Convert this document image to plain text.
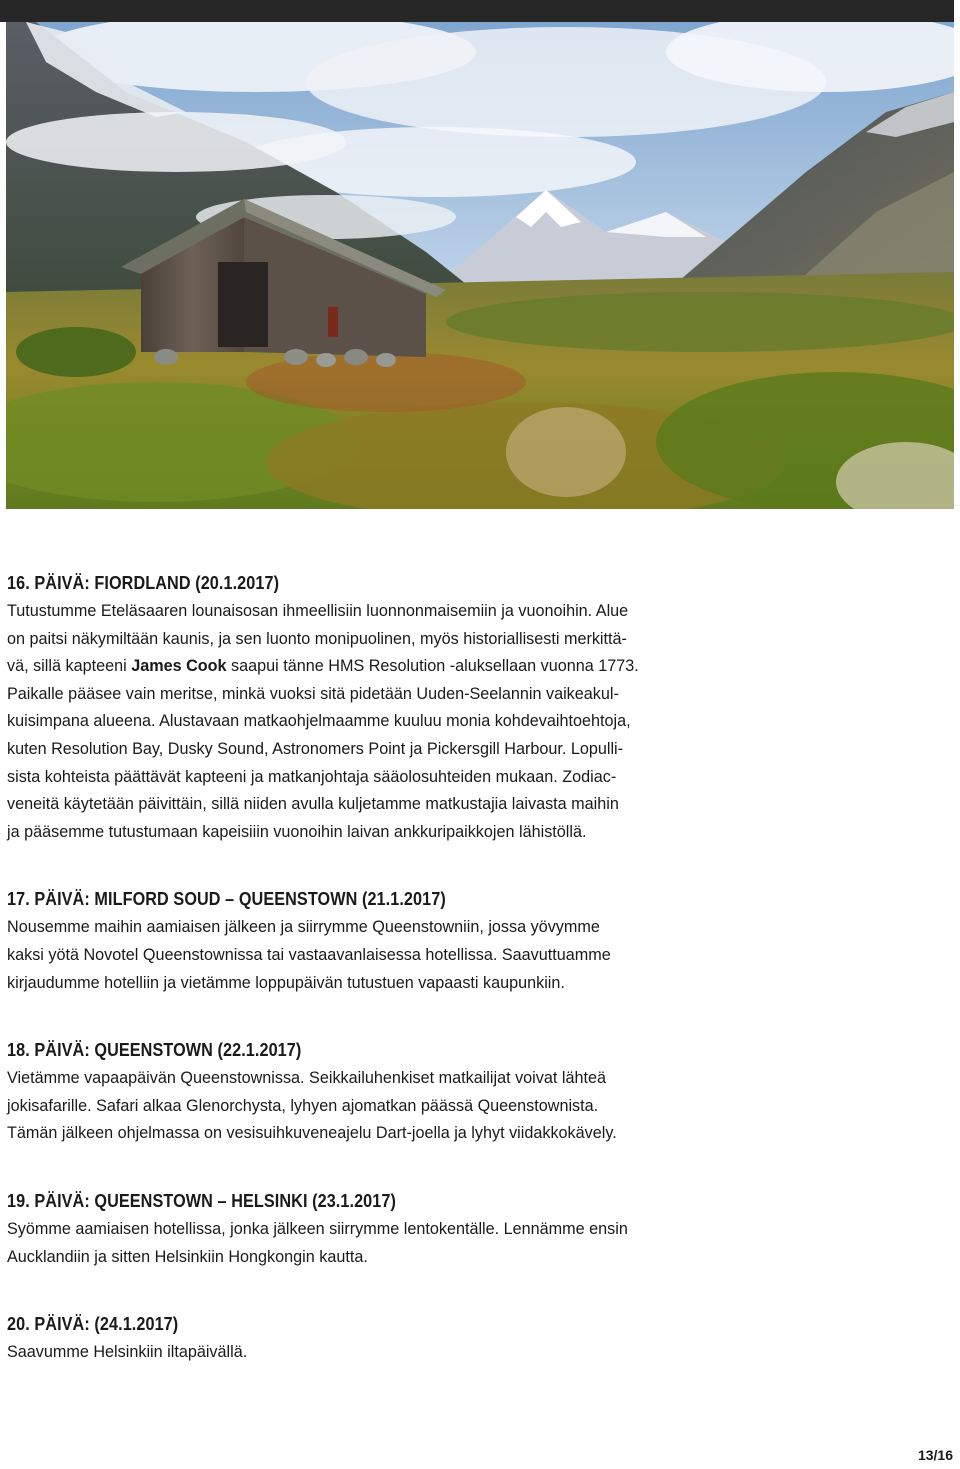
16. PÄIVÄ: FIORDLAND (20.1.2017)

Tutustumme Eteläsaaren lounaisosan ihmeellisiin luonnonmaisemiin ja vuonoihin. Alue
on paitsi näkymiltään kaunis, ja sen luonto monipuolinen, myös historiallisesti merkittä-
vä, sillä kapteeni James Cook saapui tänne HMS Resolution -aluksellaan vuonna 1773.
Paikalle pääsee vain meritse, minkä vuoksi sitä pidetään Uuden-Seelannin vaikeakul-
kuisimpana alueena. Alustavaan matkaohjelmaamme kuuluu monia kohdevaihtoehtoja,
kuten Resolution Bay, Dusky Sound, Astronomers Point ja Pickersgill Harbour. Lopulli-
sista kohteista päättävät kapteeni ja matkanjohtaja sääolosuhteiden mukaan. Zodiac-
veneitä käytetään päivittäin, sillä niiden avulla kuljetamme matkustajia laivasta maihin
ja pääsemme tutustumaan kapeisiiin vuonoihin laivan ankkuripaikkojen lähistöllä.

17. PÄIVÄ: MILFORD SOUD – QUEENSTOWN (21.1.2017)

Nousemme maihin aamiaisen jälkeen ja siirrymme Queenstowniin, jossa yövymme
kaksi yötä Novotel Queenstownissa tai vastaavanlaisessa hotellissa. Saavuttuamme
kirjaudumme hotelliin ja vietämme loppupäivän tutustuen vapaasti kaupunkiin.

18. PÄIVÄ: QUEENSTOWN (22.1.2017)

Vietämme vapaapäivän Queenstownissa. Seikkailuhenkiset matkailijat voivat lähteä
jokisafarille. Safari alkaa Glenorchysta, lyhyen ajomatkan päässä Queenstownista.
Tämän jälkeen ohjelmassa on vesisuihkuveneajelu Dart-joella ja lyhyt viidakkokävely.

19. PÄIVÄ: QUEENSTOWN – HELSINKI (23.1.2017)

Syömme aamiaisen hotellissa, jonka jälkeen siirrymme lentokentälle. Lennämme ensin
Aucklandiin ja sitten Helsinkiin Hongkongin kautta.

20. PÄIVÄ: (24.1.2017)

Saavumme Helsinkiin iltapäivällä.

13/16
